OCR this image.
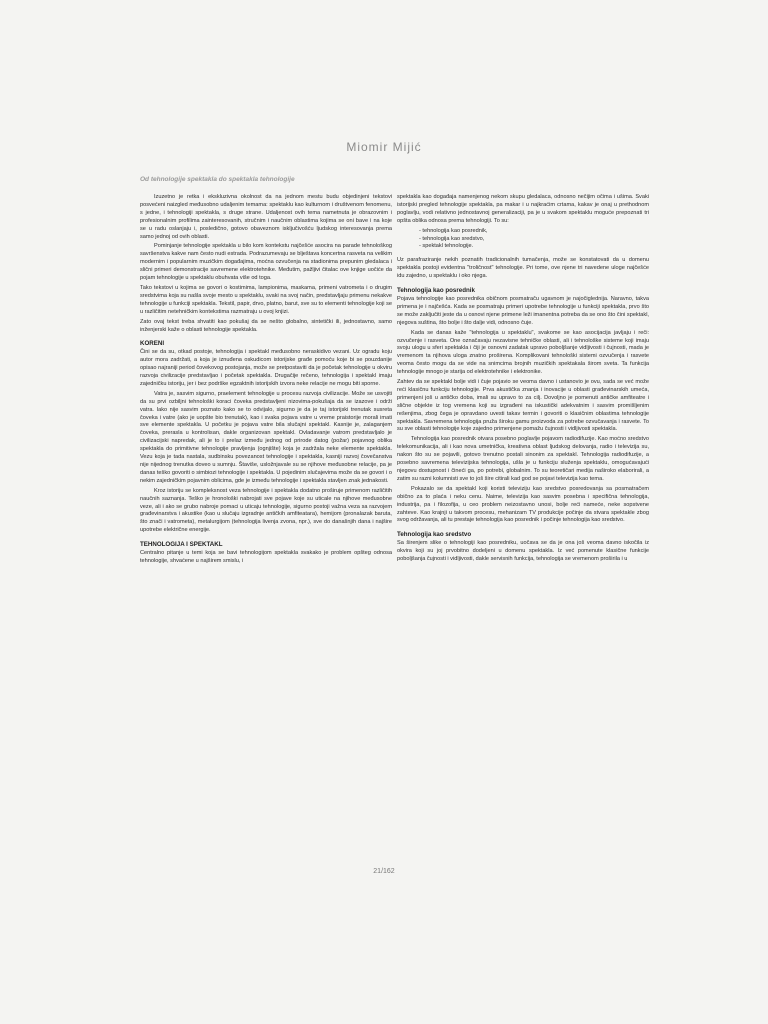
Miomir Mijić
Od tehnologije spektakla do spektakla tehnologije

Izuzetno je retka i ekskluzivna okolnost da na jednom mestu budu objedinjeni tekstovi posvećeni naizgled međusobno udaljenim temama: spektaklu kao kulturnom i društvenom fenomenu, s jedne, i tehnologiji spektakla, s druge strane. Udaljenost ovih tema nametnuta je obrazovnim i profesionalnim profilima zainteresovanih, stručnim i naučnim oblastima kojima se oni bave i na koje se u radu oslanjaju i, posledično, gotovo obaveznom isključivošću ljudskog interesovanja prema samo jednoj od ovih oblasti.

Pominjanje tehnologije spektakla u bilo kom kontekstu najčešće asocira na parade tehnološkog savršenstva kakve nam često nudi estrada. Podrazumevaju se blještava koncertna rasveta na velikim modernim i popularnim muzičkim događajima, moćna ozvučenja na stadionima prepunim gledalaca i slični primeri demonstracije savremene elektrotehnike. Međutim, pažljivi čitalac ove knjige uočiće da pojam tehnologije u spektaklu obuhvata više od toga.

Tako tekstovi u kojima se govori o kostimima, lampionima, maskama, primeni vatrometa i o drugim sredstvima koja su našla svoje mesto u spektaklu, svaki na svoj način, predstavljaju primenu nekakve tehnologije u funkciji spektakla. Tekstil, papir, drvo, platno, barut, sve su to elementi tehnologije koji se u različitim netehničkim kontekstima razmatraju u ovoj knjizi.

Zato ovaj tekst treba shvatiti kao pokušaj da se nešto globalno, sintetički ili, jednostavno, samo inženjerski kaže o oblasti tehnologije spektakla.

KORENI

Čini se da su, otkad postoje, tehnologija i spektakl međusobno neraskidivo vezani. Uz ogradu koju autor mora zadržati, a koja je iznuđena oskudicom istorijske građe pomoću koje bi se pouzdanije opisao najraniji period čovekovog postojanja, može se pretpostaviti da je početak tehnologije u okviru razvoja civilizacije predstavljao i početak spektakla. Drugačije rečeno, tehnologija i spektakl imaju zajedničku istoriju, jer i bez podrške egzaktnih istorijskih izvora neke relacije ne mogu biti sporne.

Vatra je, sasvim sigurno, praelement tehnologije u procesu razvoja civilizacije. Može se usvojiti da su prvi ozbiljni tehnološki koraci čoveka predstavljeni nizovima-pokušaja da se izazove i održi vatra. Iako nije sasvim poznato kako se to odvijalo, sigurno je da je taj istorijski trenutak susreta čoveka i vatre (ako je uopšte bio trenutak), kao i svaka pojava vatre u vreme praistorije morali imati sve elemente spektakla. U početku je pojava vatre bila slučajni spektakl. Kasnije je, zalaganjem čoveka, prerasla u kontrolisan, dakle organizovan spektakl. Ovladavanje vatrom predstavljalo je civilizacijski napredak, ali je to i prelaz između jednog od prirode datog (požar) pojavnog oblika spektakla do primitivne tehnologije pravljenja (ognjište) koja je zadržala neke elemente spektakla. Vezu koja je tada nastala, sudbinsku povezanost tehnologije i spektakla, kasniji razvoj čovečanstva nije nijednog trenutka doveo u sumnju. Štaviše, usložnjavale su se njihove međusobne relacije, pa je danas teško govoriti o simbiozi tehnologije i spektakla. U pojedinim slučajevima može da se govori i o nekim zajedničkim pojavnim oblicima, gde je između tehnologije i spektakla stavljen znak jednakosti.

Kroz istoriju se kompleksnost veza tehnologije i spektakla dodatno proširuje primenom različitih naučnih saznanja. Teško je hronološki nabrojati sve pojave koje su uticale na njihove međusobne veze, ali i ako se grubo nabroje pomaci u uticaju tehnologije, sigurno postoji važna veza sa razvojem građevinarstva i akustike (kao u slučaju izgradnje antičkih amfiteatara), hemijom (pronalazak baruta, što znači i vatrometa), metalurgijom (tehnologija livenja zvona, npr.), sve do današnjih dana i najšire upotrebe električne energije.

TEHNOLOGIJA I SPEKTAKL

Centralno pitanje u temi koja se bavi tehnologijom spektakla svakako je problem opšteg odnosa tehnologije, shvaćene u najširem smislu, i

spektakla kao događaja namenjenog nekom skupu gledalaca, odnosno nečijim očima i ušima. Svaki istorijski pregled tehnologije spektakla, pa makar i u najkraćim crtama, kakav je onaj u prethodnom poglavlju, vodi relativno jednostavnoj generalizaciji, pa je u svakom spektaklu moguće prepoznati tri opšta oblika odnosa prema tehnologiji. To su:

- tehnologija kao posrednik,
- tehnologija kao sredstvo,
- spektakl tehnologije.

Uz parafraziranje nekih poznatih tradicionalnih tumačenja, može se konstatovati da u domenu spektakla postoji evidentna "troličnost" tehnologije. Pri tome, ove njene tri navedene uloge najčešće idu zajedno, u spektaklu i oko njega.

Tehnologija kao posrednik

Pojava tehnologije kao posrednika običnom posmatraču ugavnom je najočiglednija. Naravno, takva primena je i najčešća. Kada se posmatraju primeri upotrebe tehnologije u funkciji spektakla, prvo što se može zaključiti jeste da u osnovi njene primene leži imanentna potreba da se ono što čini spektakl, njegova suština, što bolje i što dalje vidi, odnosno čuje.

Kada se danas kaže "tehnologija u spektaklu", svakome se kao asocijacija javljaju i reči: ozvučenje i rasveta. One označavaju nezavisne tehničke oblasti, ali i tehnološke sisteme koji imaju svoju ulogu u sferi spektakla i čiji je osnovni zadatak upravo poboljšanje vidljivosti i čujnosti, mada je vremenom ta njihova uloga znatno proširena. Komplikovani tehnološki sistemi ozvučenja i rasvete veoma često mogu da se vide na snimcima brojnih muzičkih spektakala širom sveta. Ta funkcija tehnologije mnogo je starija od elektrotehnike i elektronike.

Zahtev da se spektakl bolje vidi i čuje pojavio se veoma davno i ustanovio je ovu, sada se već može reći klasičnu funkciju tehnologije. Prva akustička znanja i inovacije u oblasti građevinarskih umeća, primenjeni još u antičko doba, imali su upravo to za cilj. Dovoljno je pomenuti antičke amfiteatre i slične objekte iz tog vremena koji su izgrađeni na iskustički adekvatnim i sasvim promišljenim rešenjima, zbog čega je opravdano uvesti takav termin i govoriti o klasičnim oblastima tehnologije spektakla. Savremena tehnologija pruža široku gamu proizvoda za potrebe ozvučavanja i rasvete. To su sve oblasti tehnologije koje zajedno primenjene pomažu čujnosti i vidljivosti spektakla.

Tehnologija kao posrednik otvara posebno poglavlje pojavom radiodifuzije. Kao moćno sredstvo telekomunikacija, ali i kao nova umetnička, kreativna oblast ljudskog delovanja, radio i televizija su, nakon što su se pojavili, gotovo trenutno postali sinonim za spektakl. Tehnologija radiodifuzije, a posebno savremena televizijska tehnologija, ušla je u funkciju služenja spektaklu, omogućavajući njegovu dostupnost i čineći ga, po potrebi, globalnim. To su teoretičari medija naširoko elaborirali, a zatim su razni kolumnisti sve to još šire citirali kad god se pojavi televizija kao tema.

Pokazalo se da spektakl koji koristi televiziju kao sredstvo posredovanja sa posmatračem obično za to plaća i neku cenu. Naime, televizija kao sasvim posebna i specifična tehnologija, industrija, pa i filozofija, u ceo problem neizostavno unosi, bolje reći nameće, neke sopstvene zahteve. Kao krajnji u takvom procesu, mehanizam TV produkcije počinje da stvara spektakle zbog svog održavanja, ali tu prestaje tehnologija kao posrednik i počinje tehnologija kao sredstvo.

Tehnologija kao sredstvo

Sa širenjem slike o tehnologiji kao posredniku, uočava se da je ona još veoma davno iskočila iz okvira koji su joj prvobitno dodeljeni u domenu spektakla. Iz već pomenute klasične funkcije poboljšanja čujnosti i vidljivosti, dakle servisnih funkcija, tehnologija se vremenom proširila i u

21/162
